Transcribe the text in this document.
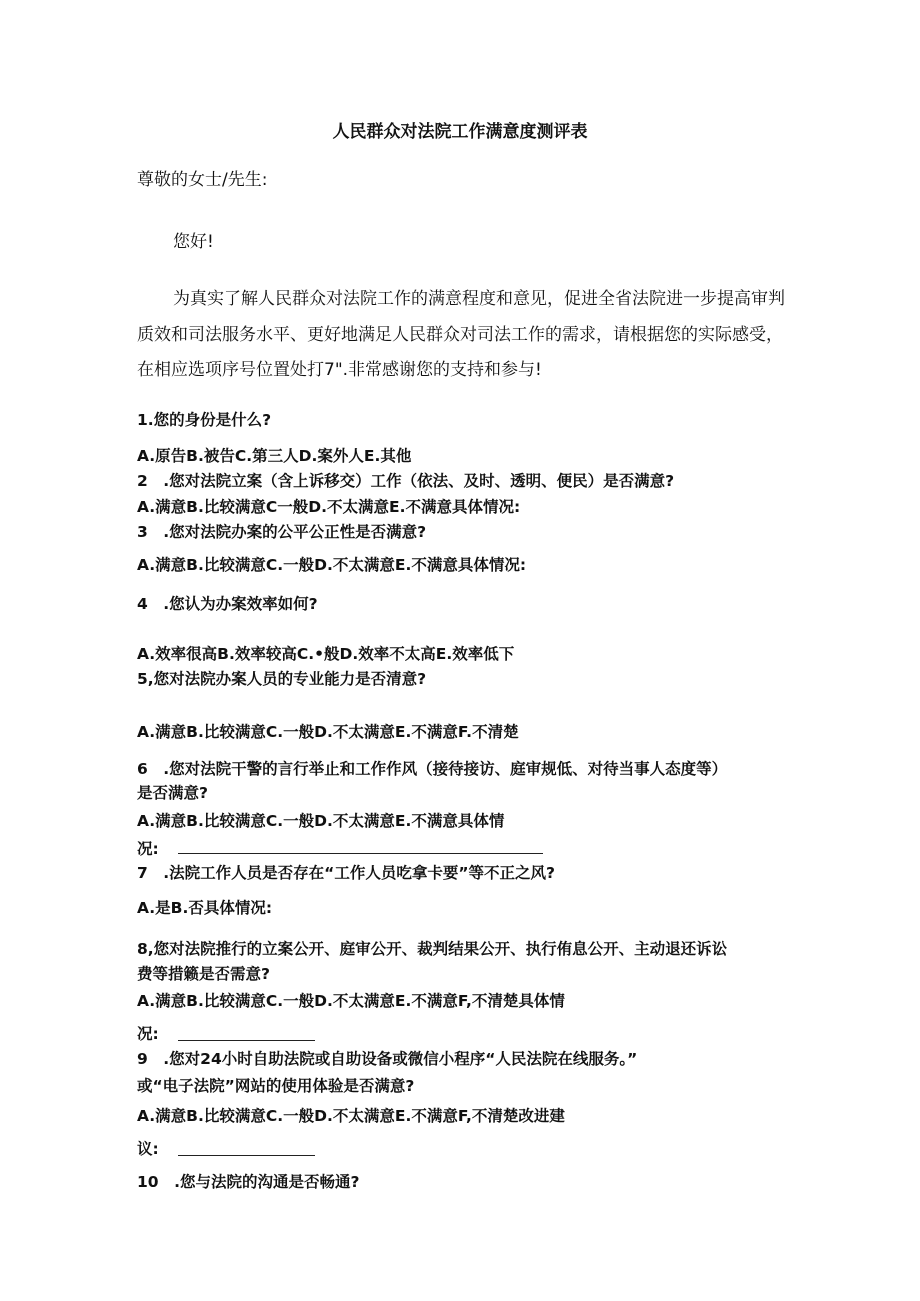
人民群众对法院工作满意度测评表
尊敬的女士/先生:
您好!
为真实了解人民群众对法院工作的满意程度和意见，促进全省法院进一步提高审判
质效和司法服务水平、更好地满足人民群众对司法工作的需求，请根据您的实际感受，
在相应选项序号位置处打7".非常感谢您的支持和参与!
1.您的身份是什么?
A.原告B.被告C.第三人D.案外人E.其他
2　.您对法院立案（含上诉移交）工作（依法、及时、透明、便民）是否满意?
A.满意B.比较满意C一般D.不太满意E.不满意具体情况:
3　.您对法院办案的公平公正性是否满意?
A.满意B.比较满意C.一般D.不太满意E.不满意具体情况:
4　.您认为办案效率如何?
A.效率很高B.效率较高C.•般D.效率不太高E.效率低下
5,您对法院办案人员的专业能力是否清意?
A.满意B.比较满意C.一般D.不太满意E.不满意F.不清楚
6　.您对法院干警的言行举止和工作作风（接待接访、庭审规低、对待当事人态度等）
是否满意?
A.满意B.比较满意C.一般D.不太满意E.不满意具体情
况:
7　.法院工作人员是否存在“工作人员吃拿卡要”等不正之风?
A.是B.否具体情况:
8,您对法院推行的立案公开、庭审公开、裁判结果公开、执行侑息公开、主动退还诉讼
费等措籁是否需意?
A.满意B.比较满意C.一般D.不太满意E.不满意F,不清楚具体情
况:
9　.您对24小时自助法院或自助设备或微信小程序“人民法院在线服务。”
或“电子法院”网站的使用体验是否满意?
A.满意B.比较满意C.一般D.不太满意E.不满意F,不清楚改进建
议:
10　.您与法院的沟通是否畅通?
